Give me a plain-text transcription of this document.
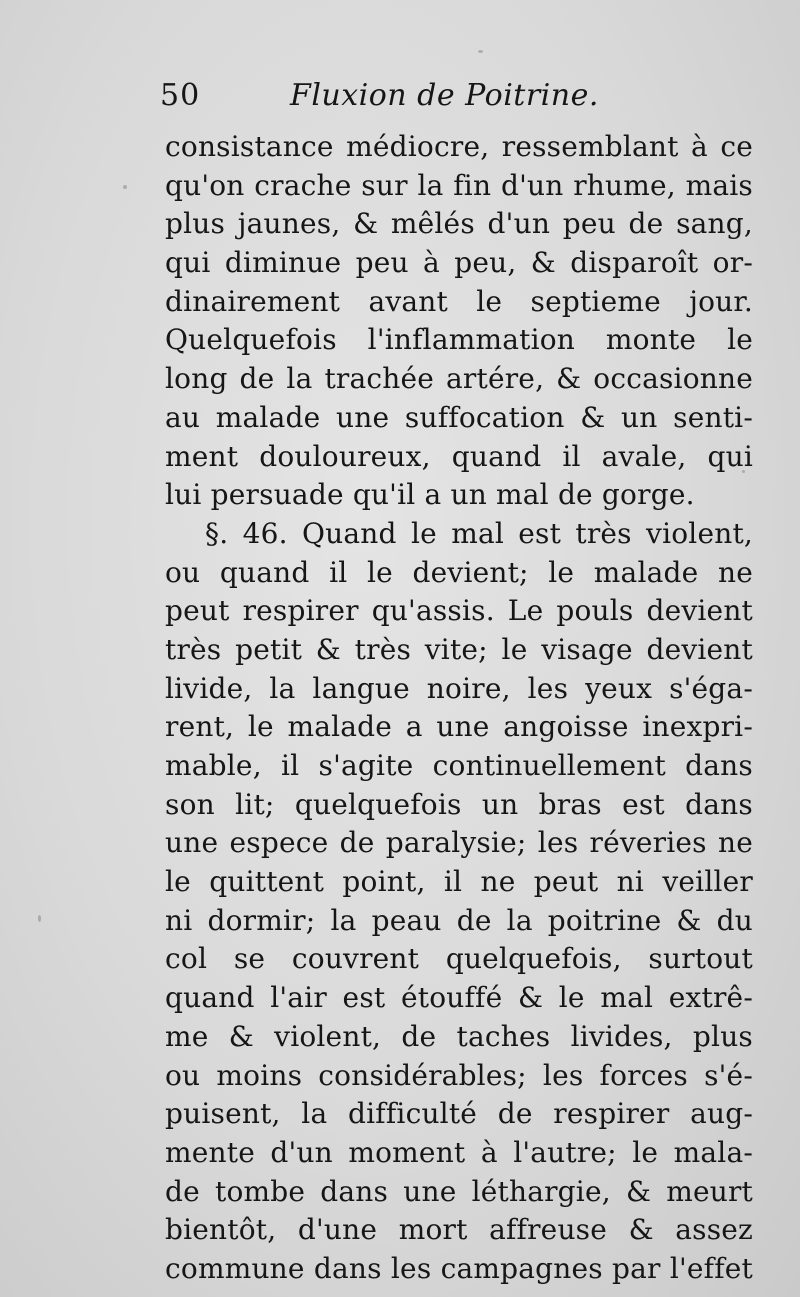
50	Fluxion de Poitrine.
consistance médiocre, ressemblant à ce
qu'on crache sur la fin d'un rhume, mais
plus jaunes, & mêlés d'un peu de sang,
qui diminue peu à peu, & disparoît or-
dinairement avant le septieme jour.
Quelquefois l'inflammation monte le
long de la trachée artére, & occasionne
au malade une suffocation & un senti-
ment douloureux, quand il avale, qui
lui persuade qu'il a un mal de gorge.
§. 46. Quand le mal est très violent,
ou quand il le devient; le malade ne
peut respirer qu'assis. Le pouls devient
très petit & très vite; le visage devient
livide, la langue noire, les yeux s'éga-
rent, le malade a une angoisse inexpri-
mable, il s'agite continuellement dans
son lit; quelquefois un bras est dans
une espece de paralysie; les réveries ne
le quittent point, il ne peut ni veiller
ni dormir; la peau de la poitrine & du
col se couvrent quelquefois, surtout
quand l'air est étouffé & le mal extrê-
me & violent, de taches livides, plus
ou moins considérables; les forces s'é-
puisent, la difficulté de respirer aug-
mente d'un moment à l'autre; le mala-
de tombe dans une léthargie, & meurt
bientôt, d'une mort affreuse & assez
commune dans les campagnes par l'effet
